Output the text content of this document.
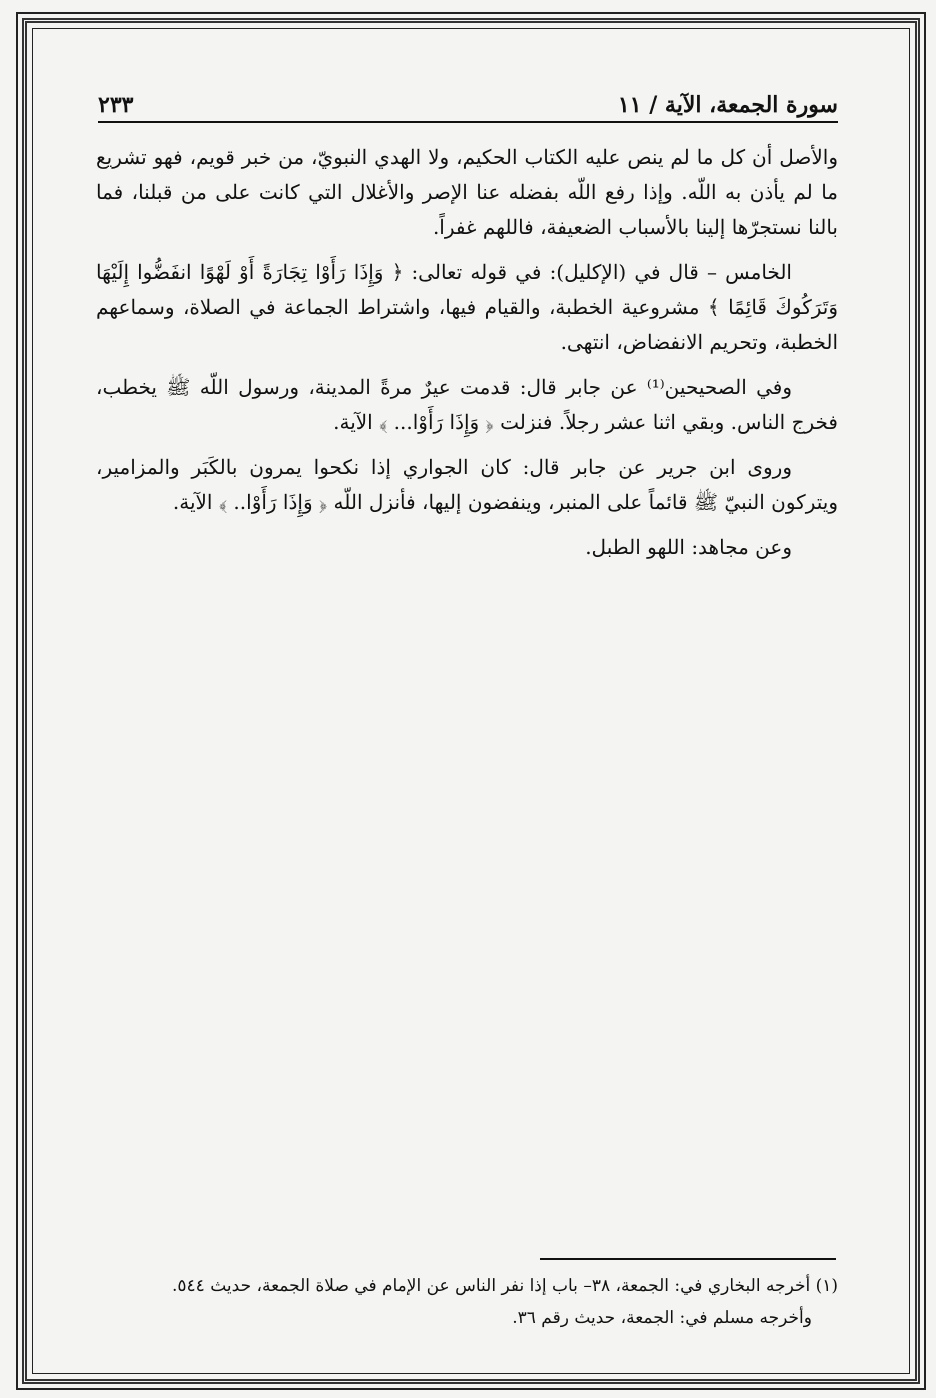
سورة الجمعة، الآية / ١١
٢٣٣

والأصل أن كل ما لم ينص عليه الكتاب الحكيم، ولا الهدي النبويّ، من خبر قويم، فهو تشريع ما لم يأذن به اللّه. وإذا رفع اللّه بفضله عنا الإصر والأغلال التي كانت على من قبلنا، فما بالنا نستجرّها إلينا بالأسباب الضعيفة، فاللهم غفراً.

الخامس – قال في (الإكليل): في قوله تعالى: ﴿ وَإِذَا رَأَوْا تِجَارَةً أَوْ لَهْوًا انفَضُّوا إِلَيْهَا وَتَرَكُوكَ قَائِمًا ﴾ مشروعية الخطبة، والقيام فيها، واشتراط الجماعة في الصلاة، وسماعهم الخطبة، وتحريم الانفضاض، انتهى.

وفي الصحيحين⁽¹⁾ عن جابر قال: قدمت عيرٌ مرةً المدينة، ورسول اللّه ﷺ يخطب، فخرج الناس. وبقي اثنا عشر رجلاً. فنزلت ﴿ وَإِذَا رَأَوْا... ﴾ الآية.

وروى ابن جرير عن جابر قال: كان الجواري إذا نكحوا يمرون بالكَبَر والمزامير، ويتركون النبيّ ﷺ قائماً على المنبر، وينفضون إليها، فأنزل اللّه ﴿ وَإِذَا رَأَوْا.. ﴾ الآية.

وعن مجاهد: اللهو الطبل.

(١) أخرجه البخاري في: الجمعة، ٣٨– باب إذا نفر الناس عن الإمام في صلاة الجمعة، حديث ٥٤٤.

وأخرجه مسلم في: الجمعة، حديث رقم ٣٦.
